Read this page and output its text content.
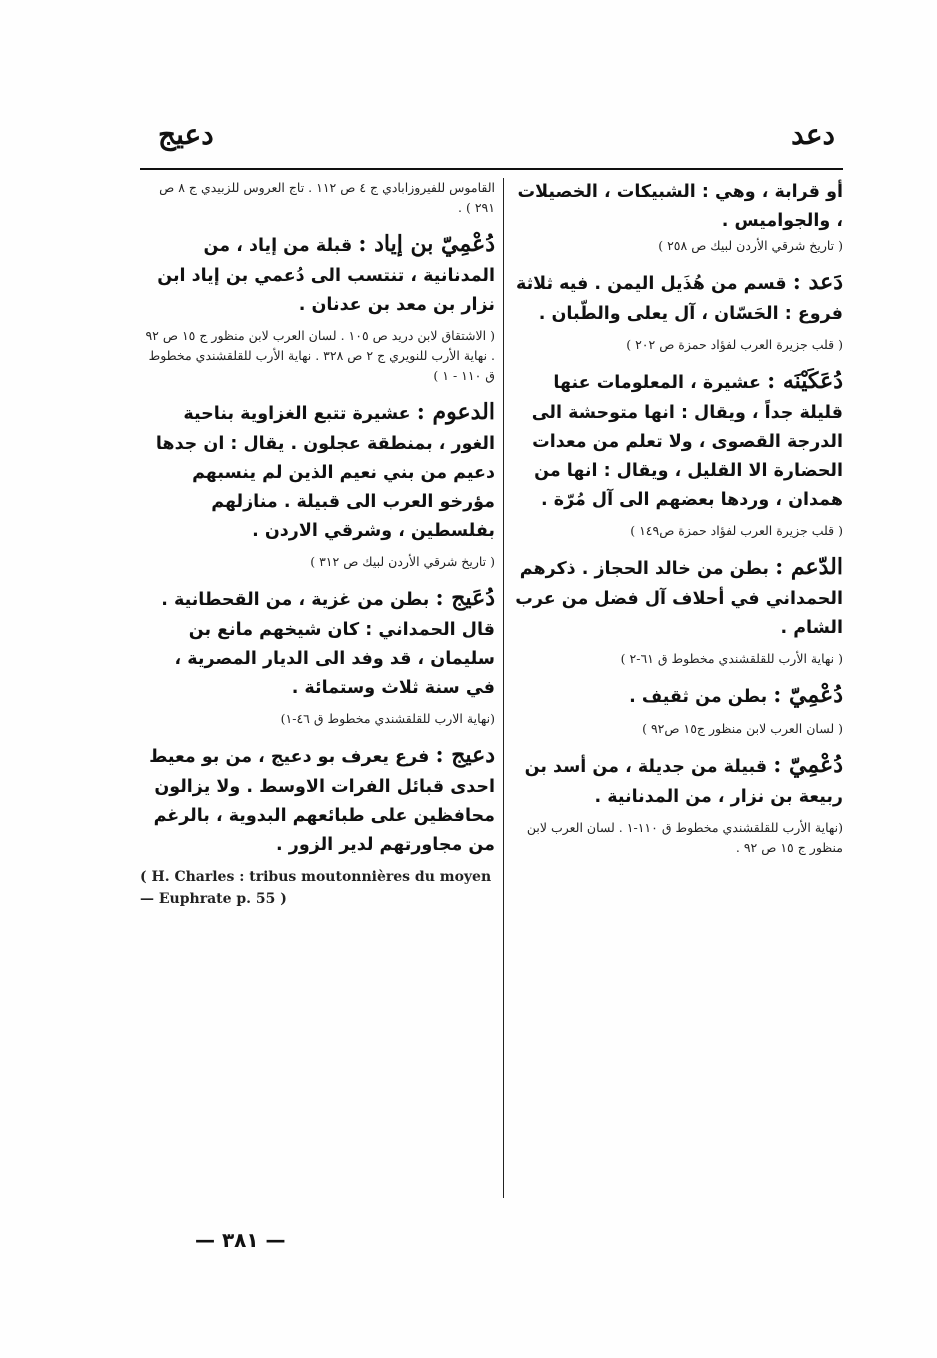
دعيج	دعد

أو قرابة ، وهي : الشبيكات ، الخصيلات ، والجواميس .

( تاريخ شرقي الأردن لبيك ص ٢٥٨ )

دَعد : قسم من هُذَيل اليمن . فيه ثلاثة فروع : الحَسّان ، آل يعلى والطّبان .

( قلب جزيرة العرب لفؤاد حمزة ص ٢٠٢ )

دُعَكَيْنَه : عشيرة ، المعلومات عنها قليلة جداً ، ويقال : انها متوحشة الى الدرجة القصوى ، ولا تعلم من معدات الحضارة الا القليل ، ويقال : انها من همدان ، وردها بعضهم الى آل مُرّة .

( قلب جزيرة العرب لفؤاد حمزة ص١٤٩ )

الدّعم : بطن من خالد الحجاز . ذكرهم الحمداني في أحلاف آل فضل من عرب الشام .

( نهاية الأرب للقلقشندي مخطوط ق ٦١-٢ )

دُعْمِيّ : بطن من ثقيف .

( لسان العرب لابن منظور ج١٥ ص٩٢ )

دُعْمِيّ : قبيلة من جديلة ، من أسد بن ربيعة بن نزار ، من المدنانية .

(نهاية الأرب للقلقشندي مخطوط ق ١١٠-١ . لسان العرب لابن منظور ج ١٥ ص ٩٢ .

القاموس للفيروزابادي ج ٤ ص ١١٢ . تاج العروس للزبيدي ج ٨ ص ٢٩١ ) .

دُعْمِيّ بن إياد : قبلة من إياد ، من المدنانية ، تنتسب الى دُعمي بن إياد ابن نزار بن معد بن عدنان .

( الاشتقاق لابن دريد ص ١٠٥ . لسان العرب لابن منظور ج ١٥ ص ٩٢ . نهاية الأرب للنويري ج ٢ ص ٣٢٨ . نهاية الأرب للقلقشندي مخطوط ق ١١٠ - ١ )

الدعوم : عشيرة تتبع الغزاوية بناحية الغور ، بمنطقة عجلون . يقال : ان جدها دعيم من بني نعيم الذين لم ينسبهم مؤرخو العرب الى قبيلة . منازلهم بفلسطين ، وشرقي الاردن .

( تاريخ شرقي الأردن لبيك ص ٣١٢ )

دُعَيج : بطن من غزية ، من القحطانية . قال الحمداني : كان شيخهم مانع بن سليمان ، قد وفد الى الديار المصرية ، في سنة ثلاث وستمائة .

(نهاية الارب للقلقشندي مخطوط ق ٤٦-١)

دعيج : فرع يعرف بو دعيج ، من بو معيط احدى قبائل الفرات الاوسط . ولا يزالون محافظين على طبائعهم البدوية ، بالرغم من مجاورتهم لدير الزور .

( H. Charles : tribus moutonnières du moyen — Euphrate p. 55 )

— ٣٨١ —
